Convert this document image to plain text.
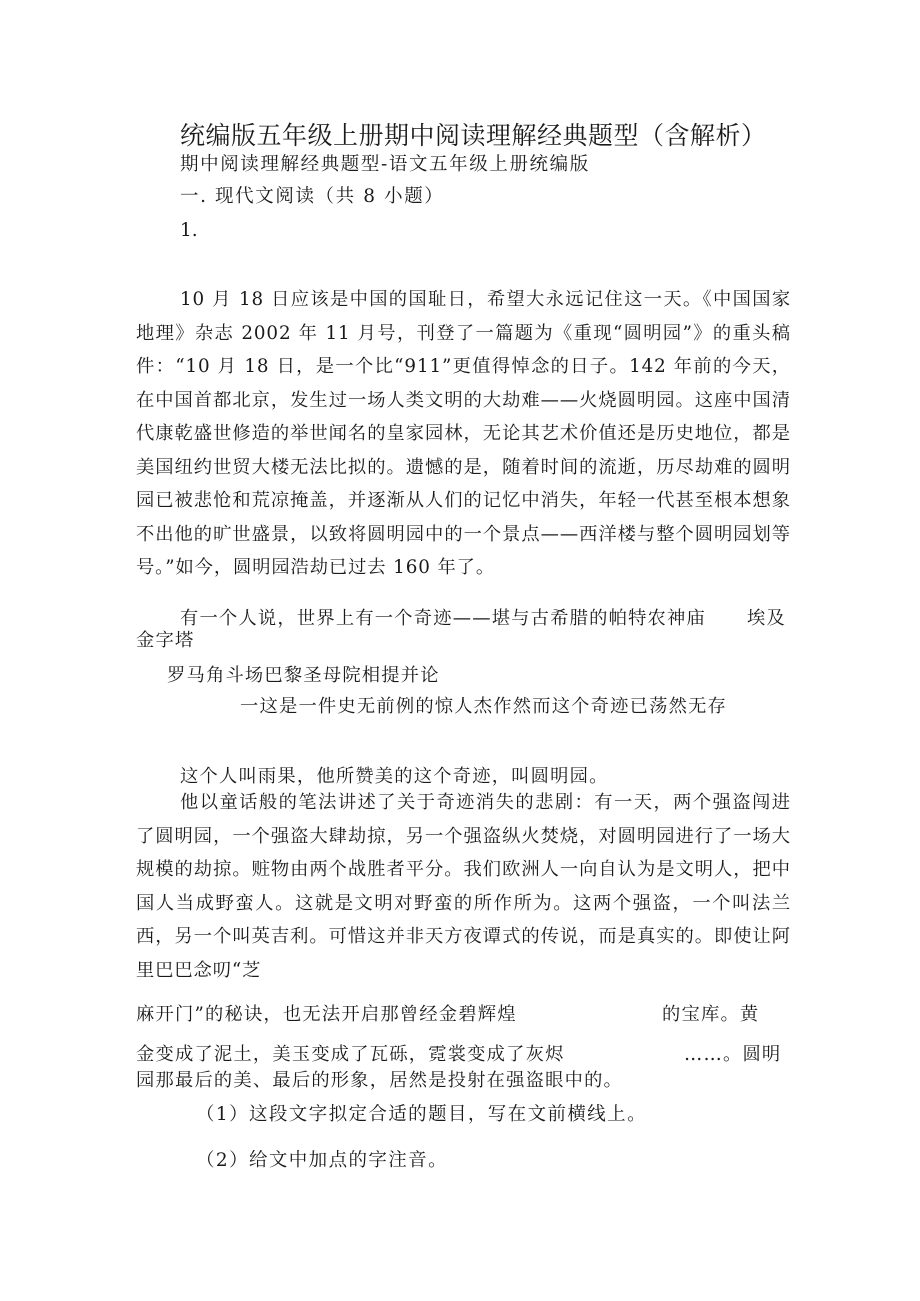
统编版五年级上册期中阅读理解经典题型（含解析）
期中阅读理解经典题型-语文五年级上册统编版
一. 现代文阅读（共 8 小题）
1.

10 月 18 日应该是中国的国耻日，希望大永远记住这一天。《中国国家地理》杂志 2002 年 11 月号，刊登了一篇题为《重现“圆明园”》的重头稿件：“10 月 18 日，是一个比“911”更值得悼念的日子。142 年前的今天，在中国首都北京，发生过一场人类文明的大劫难——火烧圆明园。这座中国清代康乾盛世修造的举世闻名的皇家园林，无论其艺术价值还是历史地位，都是美国纽约世贸大楼无法比拟的。遗憾的是，随着时间的流逝，历尽劫难的圆明园已被悲怆和荒凉掩盖，并逐渐从人们的记忆中消失，年轻一代甚至根本想象不出他的旷世盛景，以致将圆明园中的一个景点——西洋楼与整个圆明园划等号。”如今，圆明园浩劫已过去 160 年了。

有一个人说，世界上有一个奇迹——堪与古希腊的帕特农神庙 埃及
金字塔
罗马角斗场巴黎圣母院相提并论
一这是一件史无前例的惊人杰作然而这个奇迹已荡然无存
这个人叫雨果，他所赞美的这个奇迹，叫圆明园。

他以童话般的笔法讲述了关于奇迹消失的悲剧：有一天，两个强盗闯进了圆明园，一个强盗大肆劫掠，另一个强盗纵火焚烧，对圆明园进行了一场大规模的劫掠。赃物由两个战胜者平分。我们欧洲人一向自认为是文明人，把中国人当成野蛮人。这就是文明对野蛮的所作所为。这两个强盗，一个叫法兰西，另一个叫英吉利。可惜这并非天方夜谭式的传说，而是真实的。即使让阿里巴巴念叨“芝

麻开门”的秘诀，也无法开启那曾经金碧辉煌	的宝库。黄
金变成了泥土，美玉变成了瓦砾，霓裳变成了灰烬	……。圆明
园那最后的美、最后的形象，居然是投射在强盗眼中的。
（1）这段文字拟定合适的题目，写在文前横线上。
（2）给文中加点的字注音。
